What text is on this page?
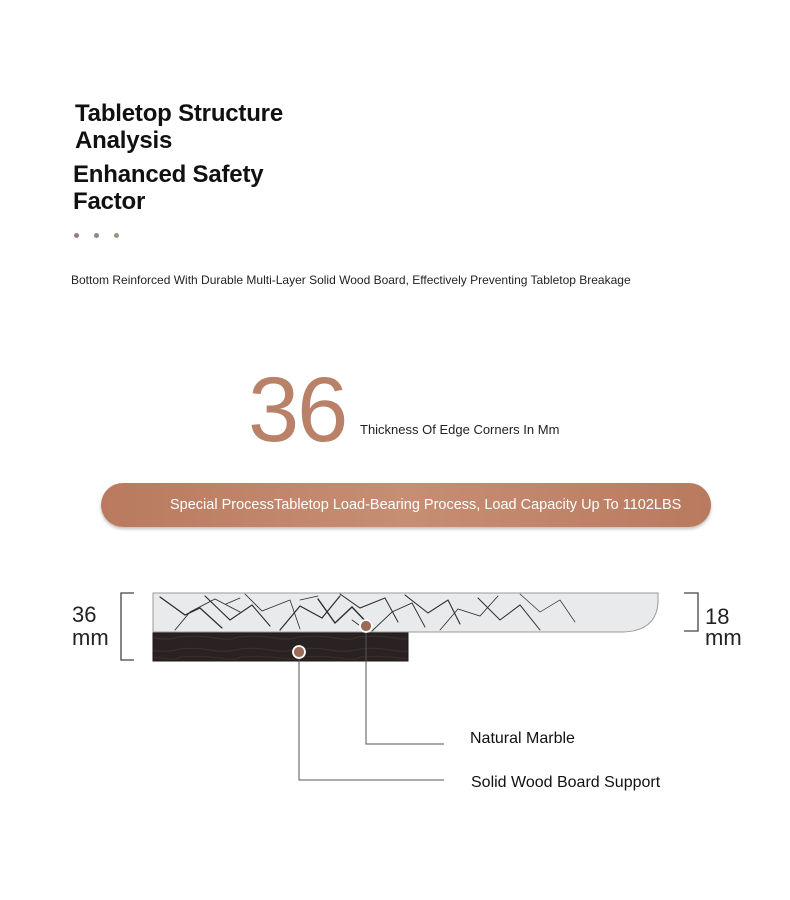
Tabletop Structure
Analysis
Enhanced Safety
Factor
Bottom Reinforced With Durable Multi-Layer Solid Wood Board, Effectively Preventing Tabletop Breakage
36 Thickness Of Edge Corners In Mm
Special ProcessTabletop Load-Bearing Process, Load Capacity Up To 1102LBS
36
mm
18
mm
Natural Marble
Solid Wood Board Support
